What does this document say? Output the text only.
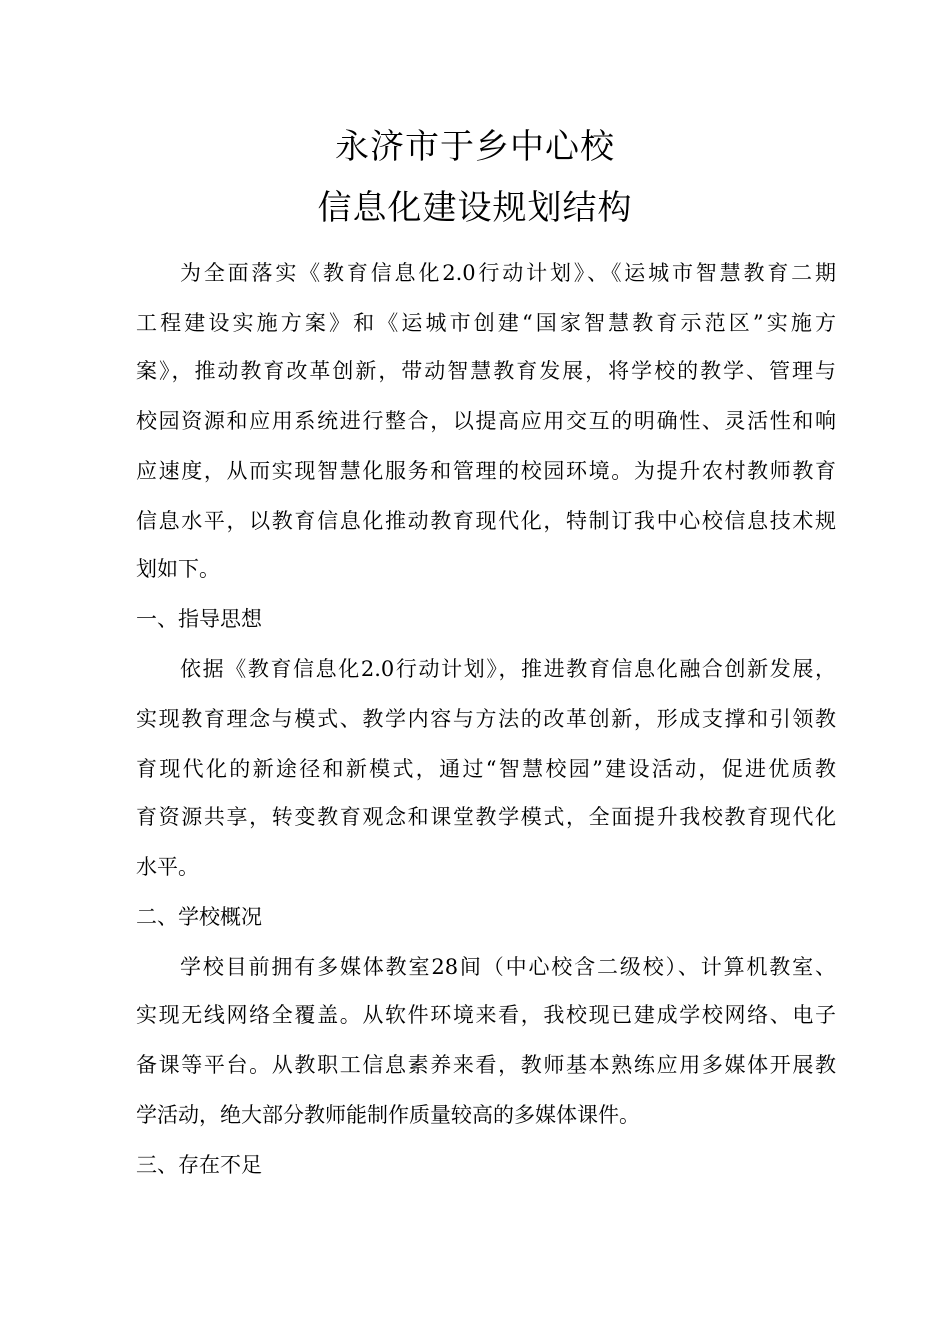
永济市于乡中心校
信息化建设规划结构
为全面落实《教育信息化2.0行动计划》、《运城市智慧教育二期
工程建设实施方案》和《运城市创建“国家智慧教育示范区”实施方
案》，推动教育改革创新，带动智慧教育发展，将学校的教学、管理与
校园资源和应用系统进行整合，以提高应用交互的明确性、灵活性和响
应速度，从而实现智慧化服务和管理的校园环境。为提升农村教师教育
信息水平，以教育信息化推动教育现代化，特制订我中心校信息技术规
划如下。
一、指导思想
依据《教育信息化2.0行动计划》，推进教育信息化融合创新发展，
实现教育理念与模式、教学内容与方法的改革创新，形成支撑和引领教
育现代化的新途径和新模式，通过“智慧校园”建设活动，促进优质教
育资源共享，转变教育观念和课堂教学模式，全面提升我校教育现代化
水平。
二、学校概况
学校目前拥有多媒体教室28间（中心校含二级校）、计算机教室、
实现无线网络全覆盖。从软件环境来看，我校现已建成学校网络、电子
备课等平台。从教职工信息素养来看，教师基本熟练应用多媒体开展教
学活动，绝大部分教师能制作质量较高的多媒体课件。
三、存在不足
